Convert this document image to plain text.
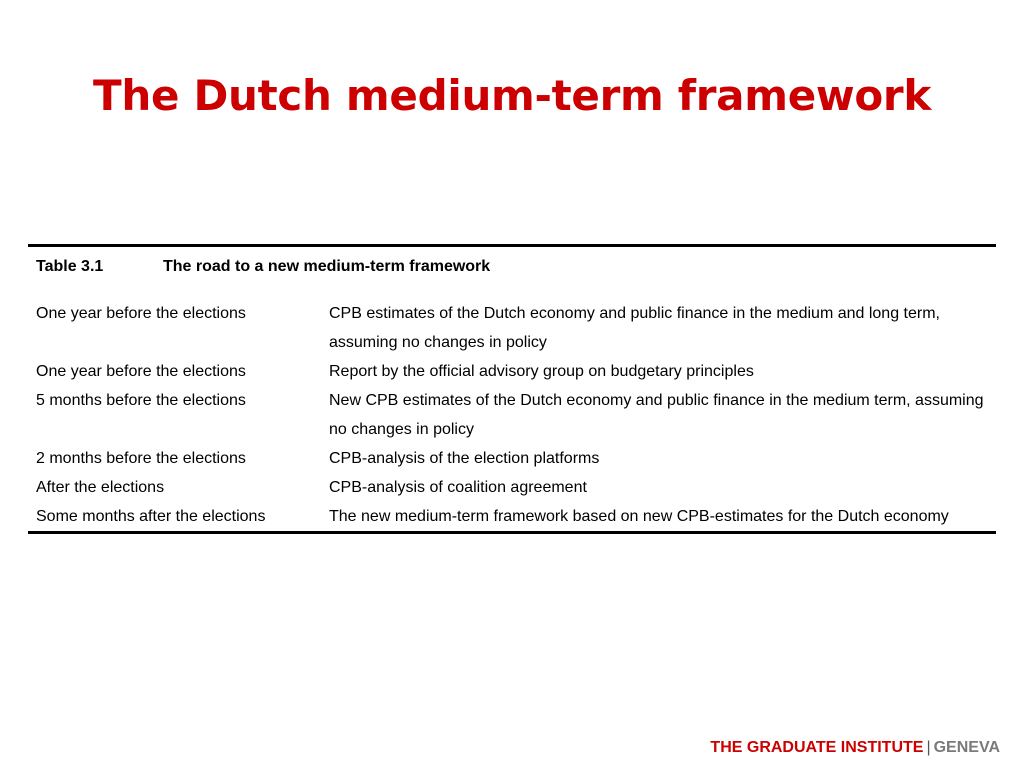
The Dutch medium-term framework
Table 3.1	The road to a new medium-term framework
One year before the elections	CPB estimates of the Dutch economy and public finance in the medium and long term, assuming no changes in policy
One year before the elections	Report by the official advisory group on budgetary principles
5 months before the elections	New CPB estimates of the Dutch economy and public finance in the medium term, assuming no changes in policy
2 months before the elections	CPB-analysis of the election platforms
After the elections	CPB-analysis of coalition agreement
Some months after the elections	The new medium-term framework based on new CPB-estimates for the Dutch economy
THE GRADUATE INSTITUTE | GENEVA
